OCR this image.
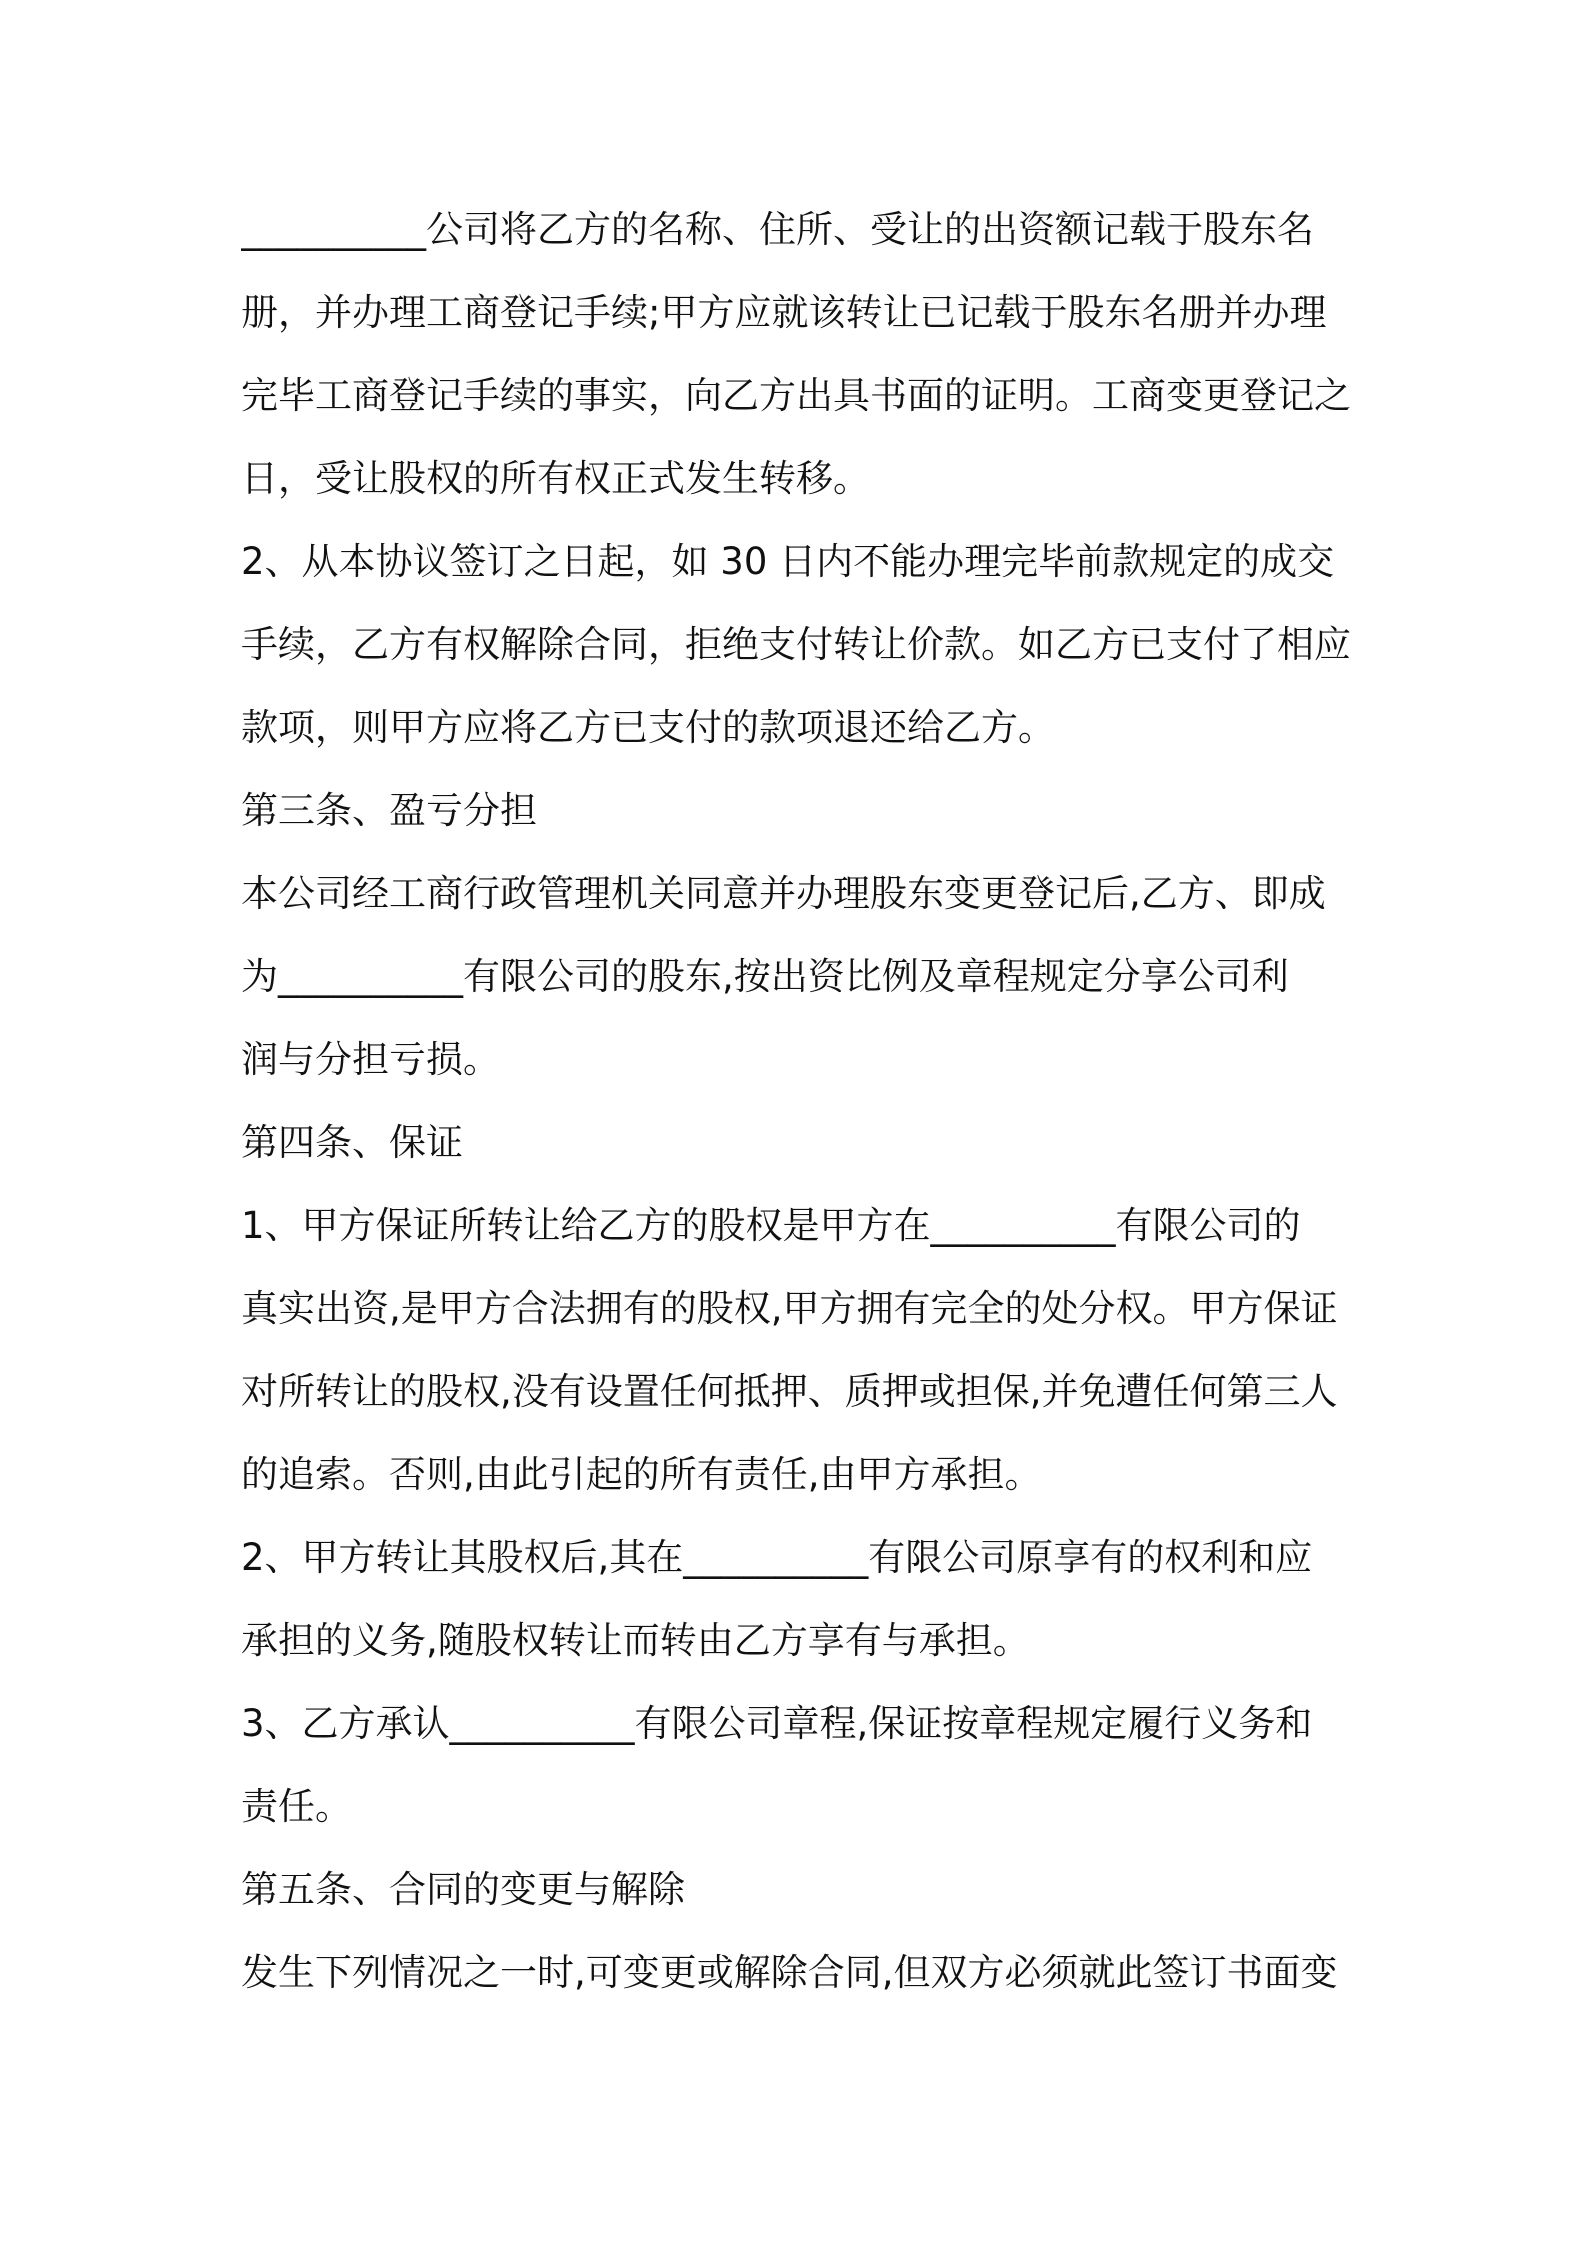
__________公司将乙方的名称、住所、受让的出资额记载于股东名
册，并办理工商登记手续;甲方应就该转让已记载于股东名册并办理
完毕工商登记手续的事实，向乙方出具书面的证明。工商变更登记之
日，受让股权的所有权正式发生转移。
2、从本协议签订之日起，如 30 日内不能办理完毕前款规定的成交
手续，乙方有权解除合同，拒绝支付转让价款。如乙方已支付了相应
款项，则甲方应将乙方已支付的款项退还给乙方。
第三条、盈亏分担
本公司经工商行政管理机关同意并办理股东变更登记后,乙方、即成
为__________有限公司的股东,按出资比例及章程规定分享公司利
润与分担亏损。
第四条、保证
1、甲方保证所转让给乙方的股权是甲方在__________有限公司的
真实出资,是甲方合法拥有的股权,甲方拥有完全的处分权。甲方保证
对所转让的股权,没有设置任何抵押、质押或担保,并免遭任何第三人
的追索。否则,由此引起的所有责任,由甲方承担。
2、甲方转让其股权后,其在__________有限公司原享有的权利和应
承担的义务,随股权转让而转由乙方享有与承担。
3、乙方承认__________有限公司章程,保证按章程规定履行义务和
责任。
第五条、合同的变更与解除
发生下列情况之一时,可变更或解除合同,但双方必须就此签订书面变
